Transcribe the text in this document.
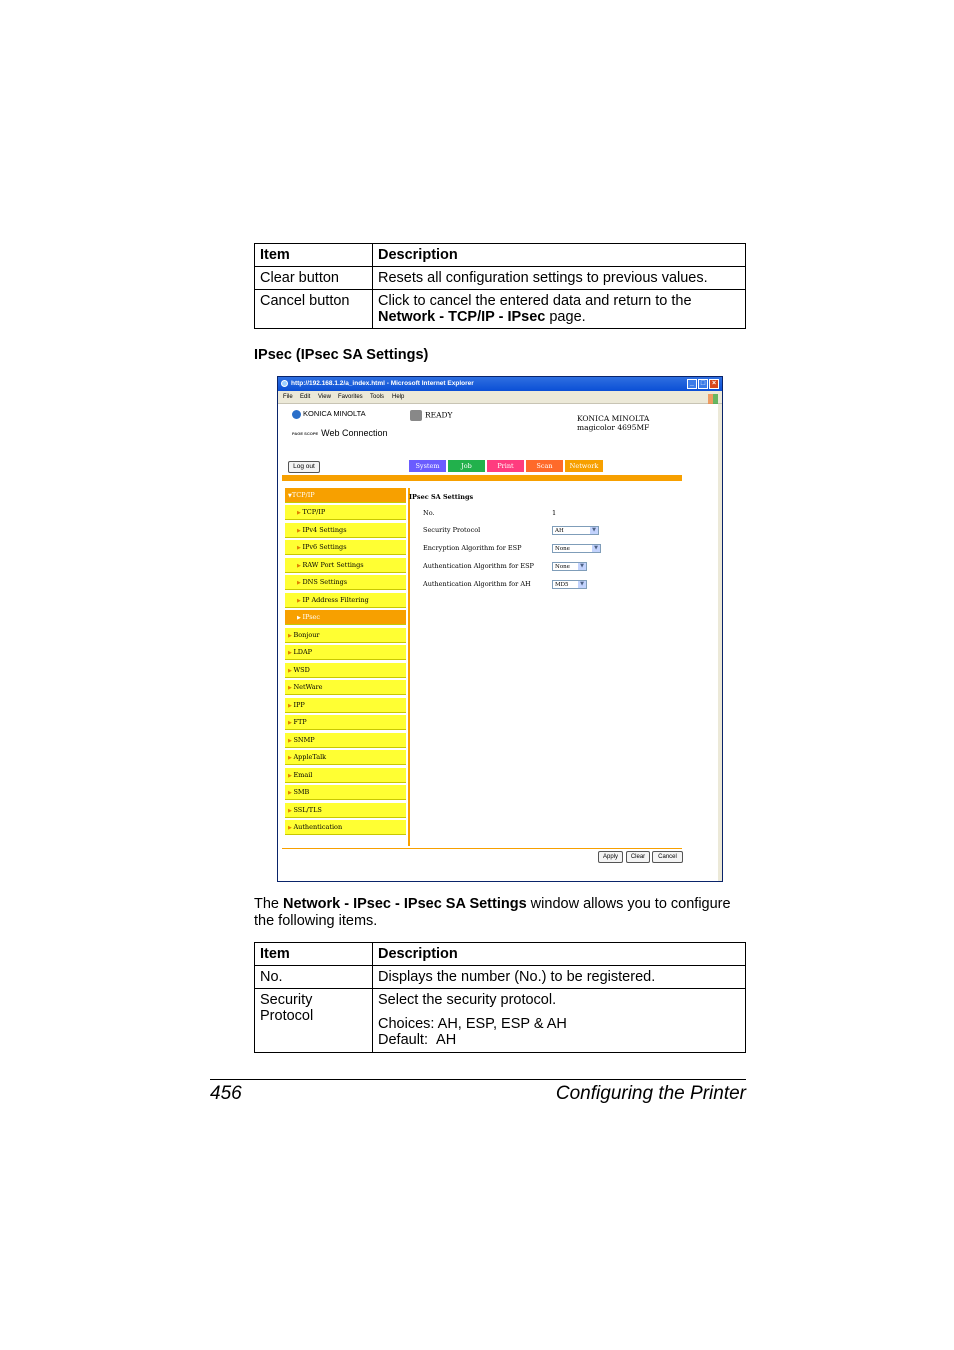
Item	Description
Clear button	Resets all configuration settings to previous values.
Cancel button	Click to cancel the entered data and return to the
Network - TCP/IP - IPsec page.
IPsec (IPsec SA Settings)
http://192.168.1.2/a_index.html - Microsoft Internet Explorer	_ □ ×
File Edit View Favorites Tools Help
KONICA MINOLTA
PAGE SCOPE Web Connection
READY	KONICA MINOLTA
magicolor 4695MF
Log out	System	Job	Print	Scan	Network
▼TCP/IP
▶ TCP/IP
▶ IPv4 Settings
▶ IPv6 Settings
▶ RAW Port Settings
▶ DNS Settings
▶ IP Address Filtering
▶ IPsec
▶ Bonjour
▶ LDAP
▶ WSD
▶ NetWare
▶ IPP
▶ FTP
▶ SNMP
▶ AppleTalk
▶ Email
▶ SMB
▶ SSL/TLS
▶ Authentication
IPsec SA Settings
No.	1
Security Protocol	AH	▼
Encryption Algorithm for ESP	None	▼
Authentication Algorithm for ESP	None	▼
Authentication Algorithm for AH	MD5	▼
Apply	Clear	Cancel
The Network - IPsec - IPsec SA Settings window allows you to configure the following items.
Item	Description
No.	Displays the number (No.) to be registered.
Security Protocol	Select the security protocol.
Choices: AH, ESP, ESP & AH
Default:  AH
456	Configuring the Printer
